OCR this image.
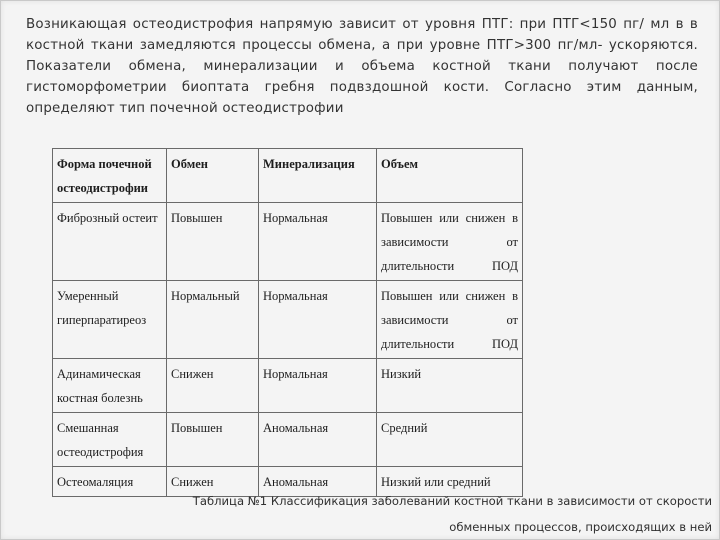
Возникающая остеодистрофия напрямую зависит от уровня ПТГ: при ПТГ<150 пг/ мл в в костной ткани замедляются процессы обмена, а при уровне ПТГ>300 пг/мл- ускоряются. Показатели обмена, минерализации и объема костной ткани получают после гистоморфометрии биоптата гребня подвздошной кости. Согласно этим данным, определяют тип почечной остеодистрофии
Форма почечной остеодистрофии	Обмен	Минерализация	Объем
Фиброзный остеит	Повышен	Нормальная	Повышен или снижен в зависимости от длительности ПОД
Умеренный гиперпаратиреоз	Нормальный	Нормальная	Повышен или снижен в зависимости от длительности ПОД
Адинамическая костная болезнь	Снижен	Нормальная	Низкий
Смешанная остеодистрофия	Повышен	Аномальная	Средний
Остеомаляция	Снижен	Аномальная	Низкий или средний
Таблица №1 Классификация заболеваний костной ткани в зависимости от скорости
обменных процессов, происходящих в ней
